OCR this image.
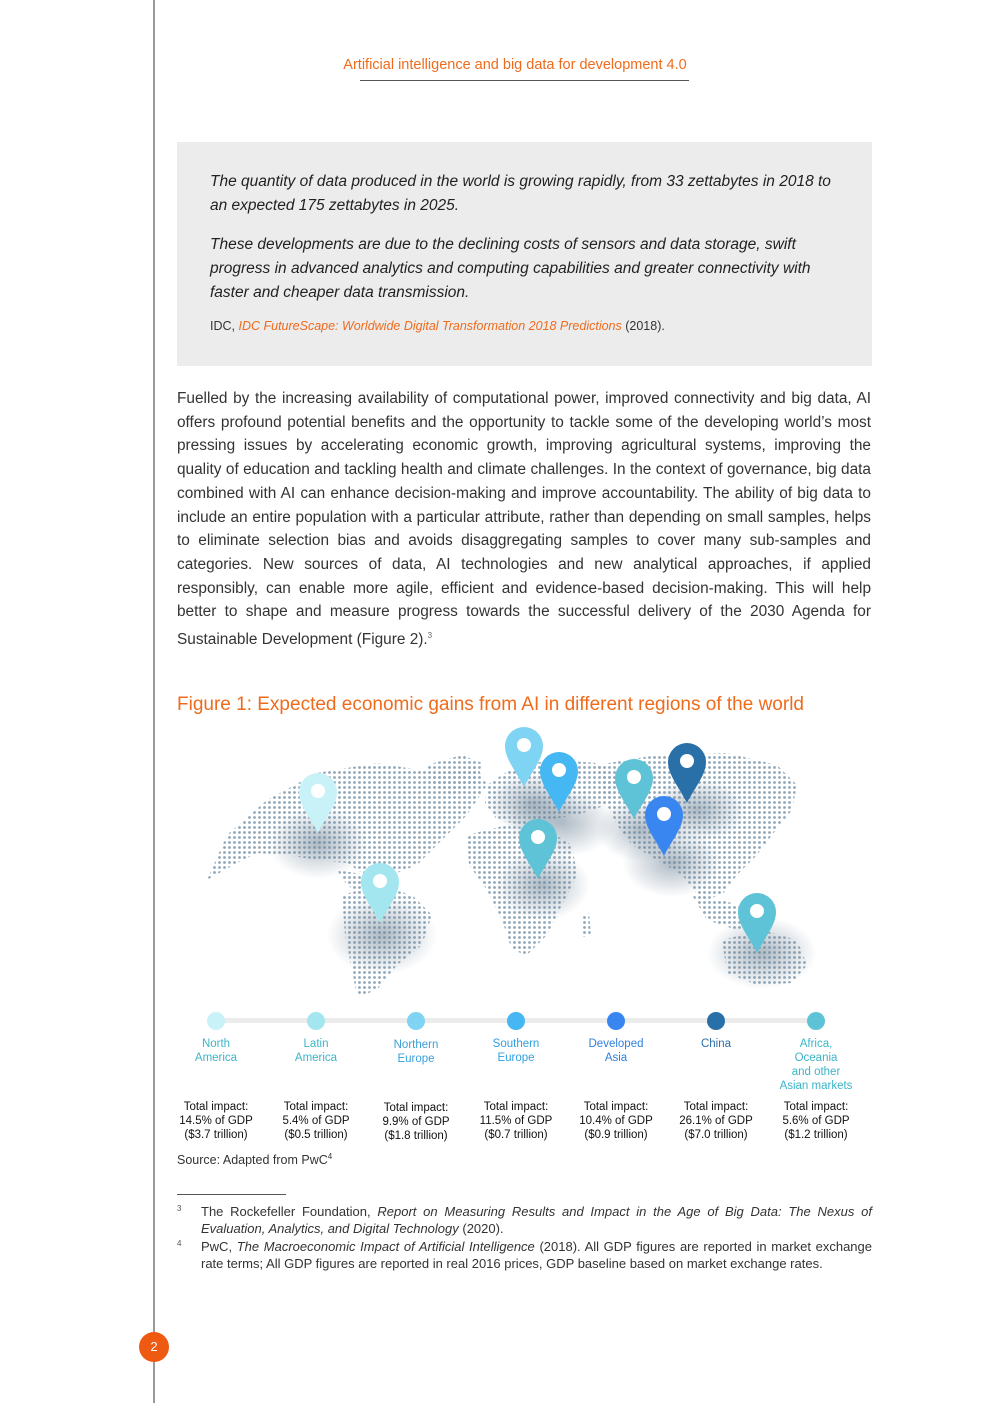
Artificial intelligence and big data for development 4.0
The quantity of data produced in the world is growing rapidly, from 33 zettabytes in 2018 to an expected 175 zettabytes in 2025.
These developments are due to the declining costs of sensors and data storage, swift progress in advanced analytics and computing capabilities and greater connectivity with faster and cheaper data transmission.
IDC, IDC FutureScape: Worldwide Digital Transformation 2018 Predictions (2018).
Fuelled by the increasing availability of computational power, improved connectivity and big data, AI offers profound potential benefits and the opportunity to tackle some of the developing world’s most pressing issues by accelerating economic growth, improving agricultural systems, improving the quality of education and tackling health and climate challenges. In the context of governance, big data combined with AI can enhance decision-making and improve accountability. The ability of big data to include an entire population with a particular attribute, rather than depending on small samples, helps to eliminate selection bias and avoids disaggregating samples to cover many sub-samples and categories. New sources of data, AI technologies and new analytical approaches, if applied responsibly, can enable more agile, efficient and evidence-based decision-making. This will help better to shape and measure progress towards the successful delivery of the 2030 Agenda for Sustainable Development (Figure 2).$^3$
Figure 1: Expected economic gains from AI in different regions of the world
North
America
Total impact:
14.5% of GDP
($3.7 trillion)
Latin
America
Total impact:
5.4% of GDP
($0.5 trillion)
Northern
Europe
Total impact:
9.9% of GDP
($1.8 trillion)
Southern
Europe
Total impact:
11.5% of GDP
($0.7 trillion)
Developed
Asia
Total impact:
10.4% of GDP
($0.9 trillion)
China
Total impact:
26.1% of GDP
($7.0 trillion)
Africa,
Oceania
and other
Asian markets
Total impact:
5.6% of GDP
($1.2 trillion)
Source: Adapted from PwC$^4$
3 The Rockefeller Foundation, Report on Measuring Results and Impact in the Age of Big Data: The Nexus of Evaluation, Analytics, and Digital Technology (2020).
4 PwC, The Macroeconomic Impact of Artificial Intelligence (2018). All GDP figures are reported in market exchange rate terms; All GDP figures are reported in real 2016 prices, GDP baseline based on market exchange rates.
2
